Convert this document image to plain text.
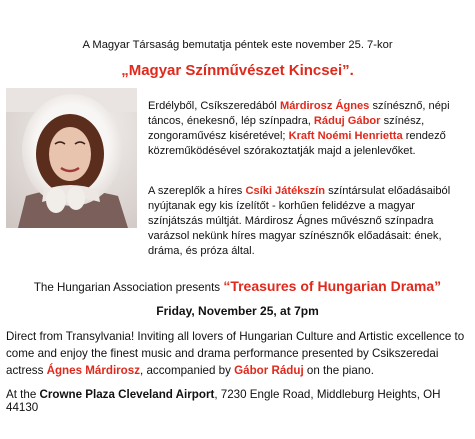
A Magyar Társaság bemutatja péntek este november 25. 7-kor
„Magyar Színművészet Kincsei”.
Erdélyből, Csíkszeredából Márdirosz Ágnes színésznő, népi táncos, énekesnő, lép színpadra, Ráduj Gábor színész, zongoraművész kiséretével; Kraft Noémi Henrietta rendező közreműködésével szórakoztatják majd a jelenlevőket.
A szereplők a híres Csíki Játékszín színtársulat előadásaiból nyújtanak egy kis ízelítőt - korhűen felidézve a magyar színjátszás múltját. Márdirosz Ágnes művésznő színpadra varázsol nekünk híres magyar színésznők előadásait: ének, dráma, és próza által.
The Hungarian Association presents “Treasures of Hungarian Drama”
Friday, November 25, at 7pm
Direct from Transylvania! Inviting all lovers of Hungarian Culture and Artistic excellence to come and enjoy the finest music and drama performance presented by Csikszeredai actress Ágnes Márdirosz, accompanied by Gábor Ráduj on the piano.
At the Crowne Plaza Cleveland Airport, 7230 Engle Road, Middleburg Heights, OH 44130
